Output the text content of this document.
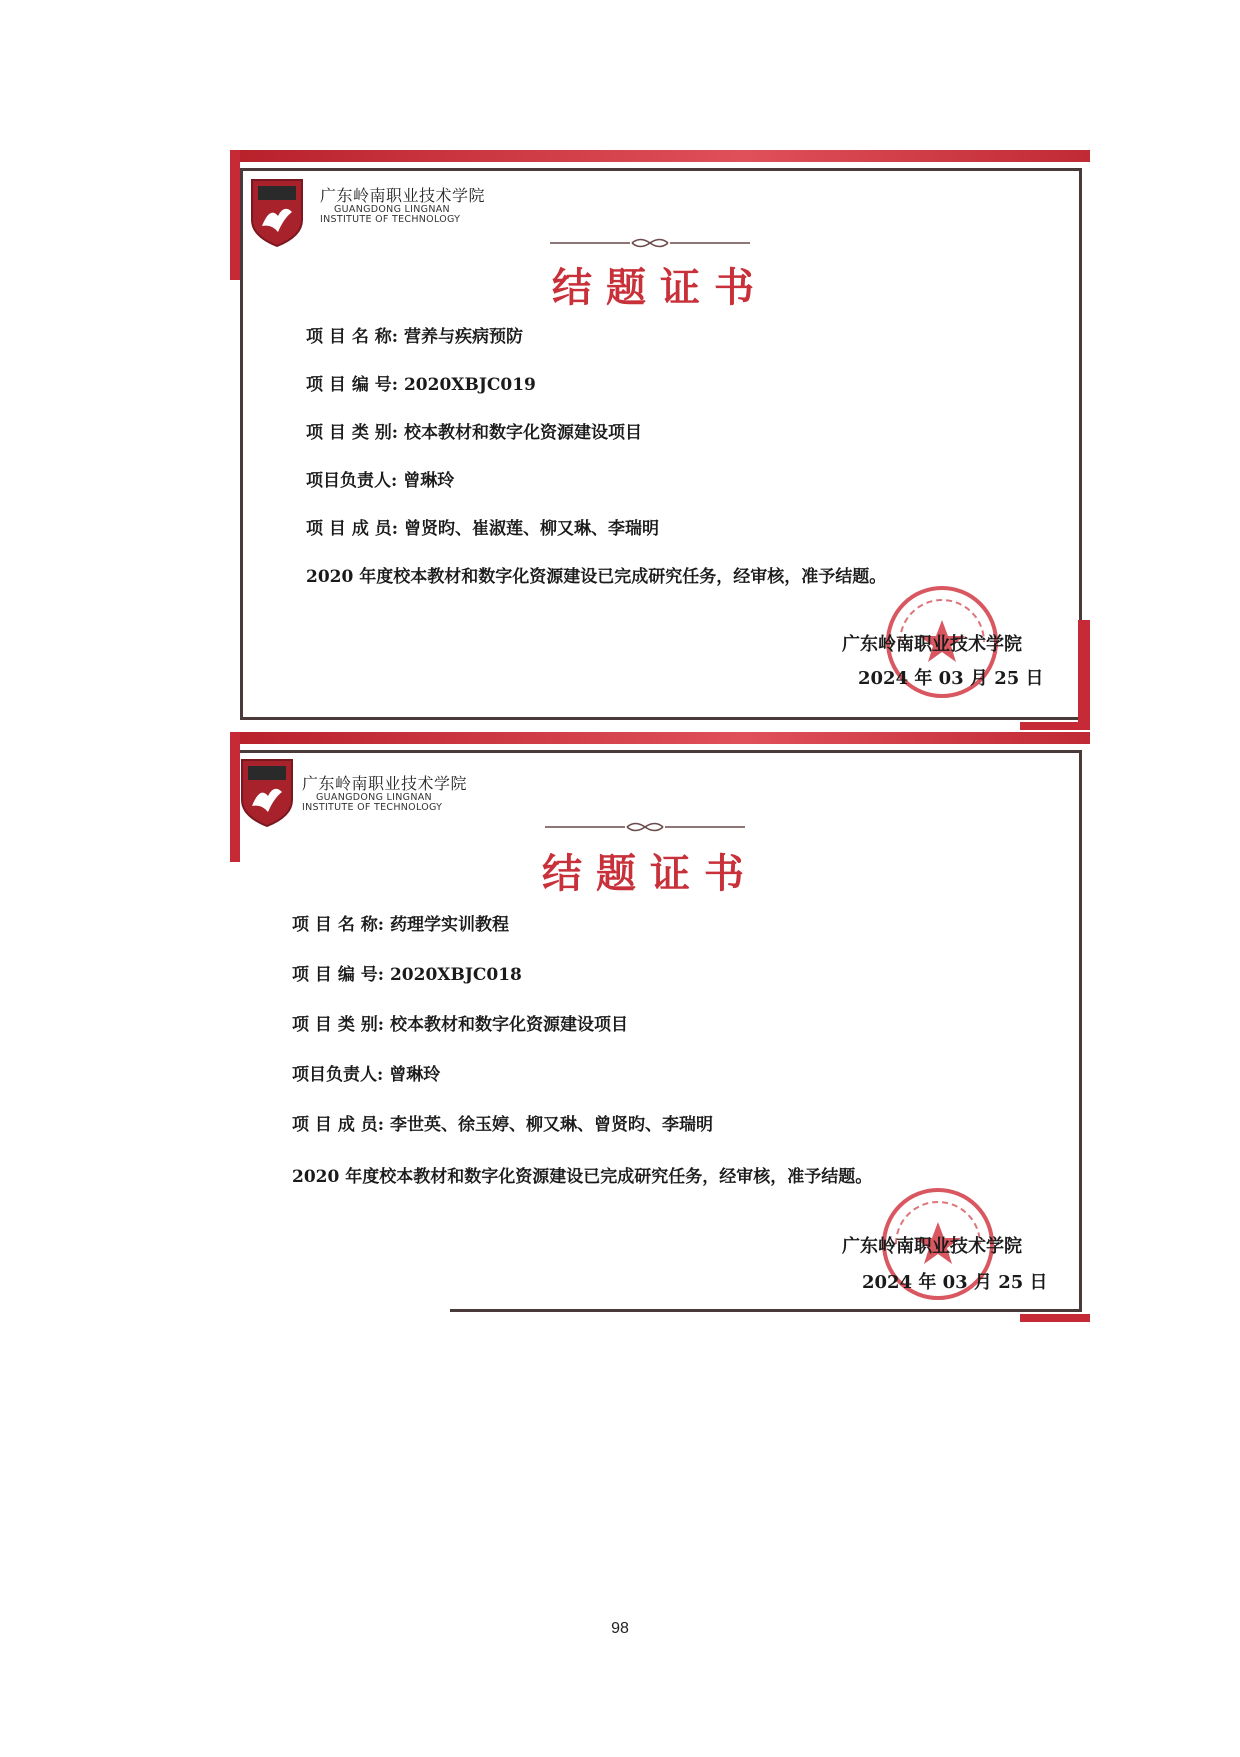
广东岭南职业技术学院
GUANGDONG LINGNAN
INSTITUTE OF TECHNOLOGY
结题证书
项 目 名 称: 营养与疾病预防
项 目 编 号: 2020XBJC019
项 目 类 别: 校本教材和数字化资源建设项目
项目负责人: 曾琳玲
项 目 成 员: 曾贤昀、崔淑莲、柳又琳、李瑞明
2020 年度校本教材和数字化资源建设已完成研究任务，经审核，准予结题。
广东岭南职业技术学院
2024 年 03 月 25 日
广东岭南职业技术学院
GUANGDONG LINGNAN
INSTITUTE OF TECHNOLOGY
结题证书
项 目 名 称: 药理学实训教程
项 目 编 号: 2020XBJC018
项 目 类 别: 校本教材和数字化资源建设项目
项目负责人: 曾琳玲
项 目 成 员: 李世英、徐玉婷、柳又琳、曾贤昀、李瑞明
2020 年度校本教材和数字化资源建设已完成研究任务，经审核，准予结题。
广东岭南职业技术学院
2024 年 03 月 25 日
98
